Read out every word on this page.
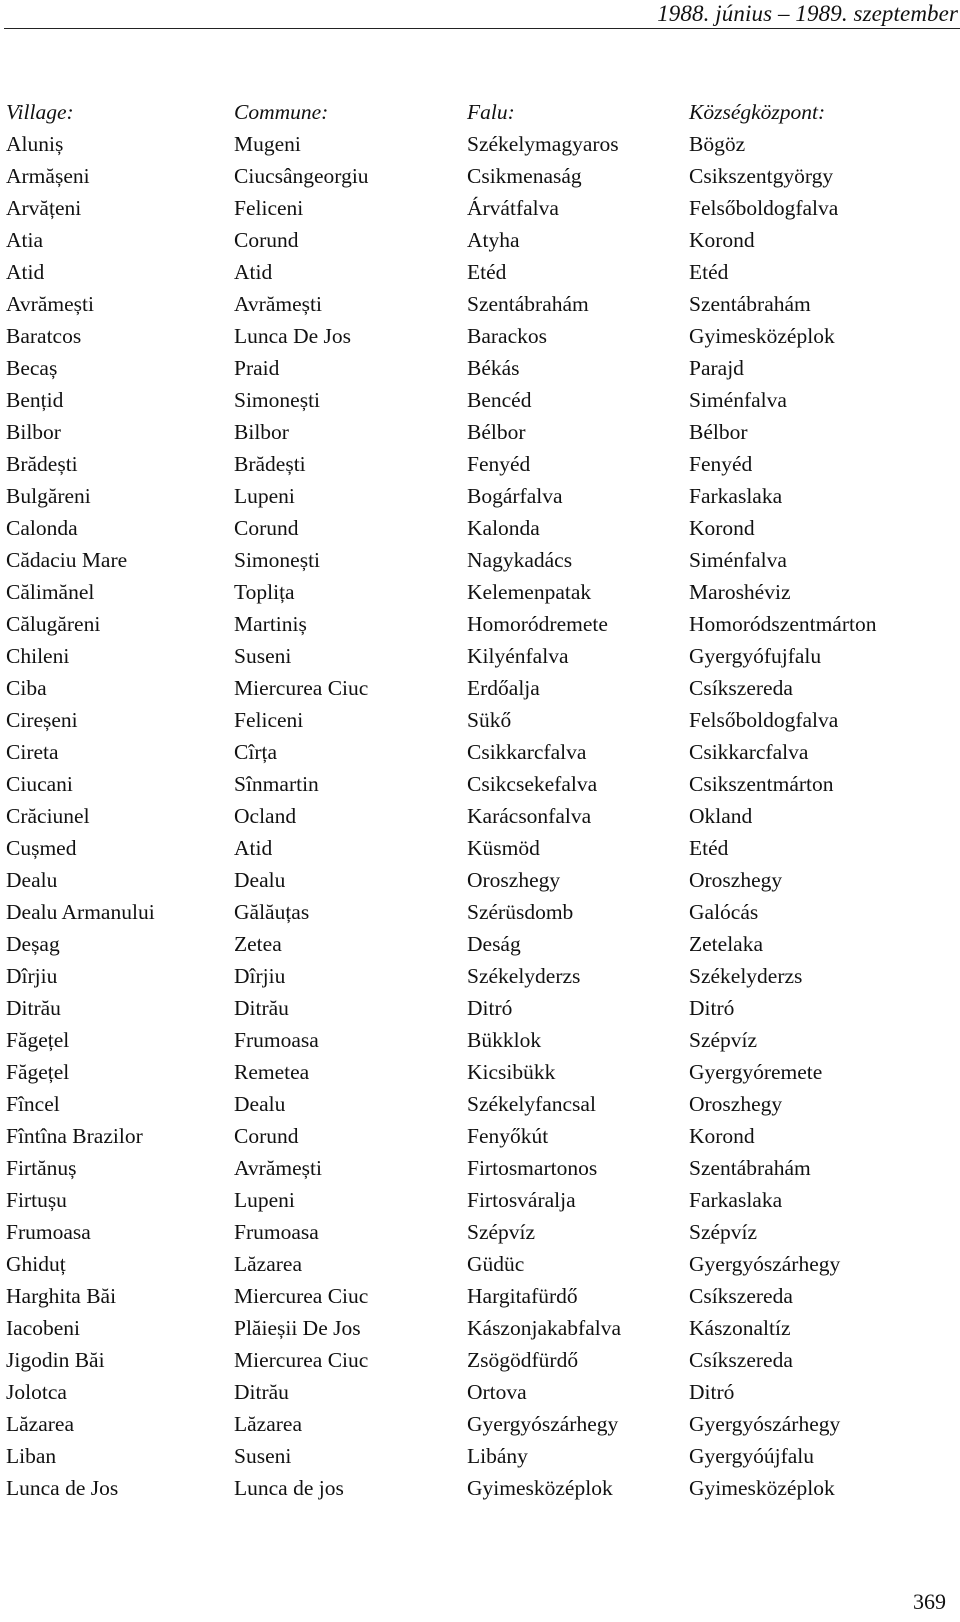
1988. június – 1989. szeptember
Village:	Commune:	Falu:	Községközpont:
Aluniș	Mugeni	Székelymagyaros	Bögöz
Armășeni	Ciucsângeorgiu	Csikmenaság	Csikszentgyörgy
Arvățeni	Feliceni	Árvátfalva	Felsőboldogfalva
Atia	Corund	Atyha	Korond
Atid	Atid	Etéd	Etéd
Avrămești	Avrămești	Szentábrahám	Szentábrahám
Baratcos	Lunca De Jos	Barackos	Gyimesközéplok
Becaș	Praid	Békás	Parajd
Bențid	Simonești	Bencéd	Siménfalva
Bilbor	Bilbor	Bélbor	Bélbor
Brădești	Brădești	Fenyéd	Fenyéd
Bulgăreni	Lupeni	Bogárfalva	Farkaslaka
Calonda	Corund	Kalonda	Korond
Cădaciu Mare	Simonești	Nagykadács	Siménfalva
Călimănel	Toplița	Kelemenpatak	Maroshéviz
Călugăreni	Martiniș	Homoródremete	Homoródszentmárton
Chileni	Suseni	Kilyénfalva	Gyergyófujfalu
Ciba	Miercurea Ciuc	Erdőalja	Csíkszereda
Cireșeni	Feliceni	Sükő	Felsőboldogfalva
Cireta	Cîrța	Csikkarcfalva	Csikkarcfalva
Ciucani	Sînmartin	Csikcsekefalva	Csikszentmárton
Crăciunel	Ocland	Karácsonfalva	Okland
Cușmed	Atid	Küsmöd	Etéd
Dealu	Dealu	Oroszhegy	Oroszhegy
Dealu Armanului	Gălăuțas	Szérüsdomb	Galócás
Deșag	Zetea	Deság	Zetelaka
Dîrjiu	Dîrjiu	Székelyderzs	Székelyderzs
Ditrău	Ditrău	Ditró	Ditró
Făgețel	Frumoasa	Bükklok	Szépvíz
Făgețel	Remetea	Kicsibükk	Gyergyóremete
Fîncel	Dealu	Székelyfancsal	Oroszhegy
Fîntîna Brazilor	Corund	Fenyőkút	Korond
Firtănuș	Avrămești	Firtosmartonos	Szentábrahám
Firtușu	Lupeni	Firtosváralja	Farkaslaka
Frumoasa	Frumoasa	Szépvíz	Szépvíz
Ghiduț	Lăzarea	Güdüc	Gyergyószárhegy
Harghita Băi	Miercurea Ciuc	Hargitafürdő	Csíkszereda
Iacobeni	Plăieșii De Jos	Kászonjakabfalva	Kászonaltíz
Jigodin Băi	Miercurea Ciuc	Zsögödfürdő	Csíkszereda
Jolotca	Ditrău	Ortova	Ditró
Lăzarea	Lăzarea	Gyergyószárhegy	Gyergyószárhegy
Liban	Suseni	Libány	Gyergyóújfalu
Lunca de Jos	Lunca de jos	Gyimesközéplok	Gyimesközéplok
369
